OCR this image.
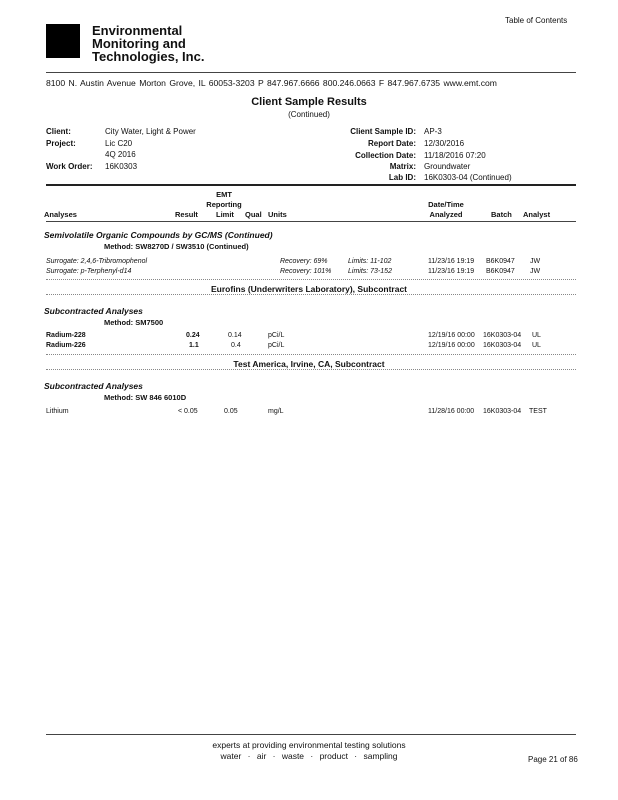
Table of Contents
Environmental
Monitoring and
Technologies, Inc.
8100 N. Austin Avenue Morton Grove, IL 60053-3203 P 847.967.6666 800.246.0663 F 847.967.6735 www.emt.com
Client Sample Results
(Continued)
Client:	City Water, Light & Power
Project:	Lic C20
4Q 2016
Work Order: 16K0303
Client Sample ID: AP-3
Report Date: 12/30/2016
Collection Date: 11/18/2016 07:20
Matrix: Groundwater
Lab ID: 16K0303-04 (Continued)
EMT
Reporting	Date/Time
Analyses	Result Limit Qual Units	Analyzed	Batch Analyst
Semivolatile Organic Compounds by GC/MS (Continued)
Method: SW8270D / SW3510 (Continued)
Surrogate: 2,4,6-Tribromophenol	Recovery: 69%	Limits: 11-102	11/23/16 19:19 B6K0947 JW
Surrogate: p-Terphenyl-d14	Recovery: 101% Limits: 73-152	11/23/16 19:19 B6K0947 JW
Eurofins (Underwriters Laboratory), Subcontract
Subcontracted Analyses
Method: SM7500
Radium-228	0.24	0.14	pCi/L	12/19/16 00:00 16K0303-04 UL
Radium-226	1.1	0.4	pCi/L	12/19/16 00:00 16K0303-04 UL
Test America, Irvine, CA, Subcontract
Subcontracted Analyses
Method: SW 846 6010D
Lithium	< 0.05	0.05	mg/L	11/28/16 00:00 16K0303-04 TEST
experts at providing environmental testing solutions
water · air · waste · product · sampling	Page 21 of 86
